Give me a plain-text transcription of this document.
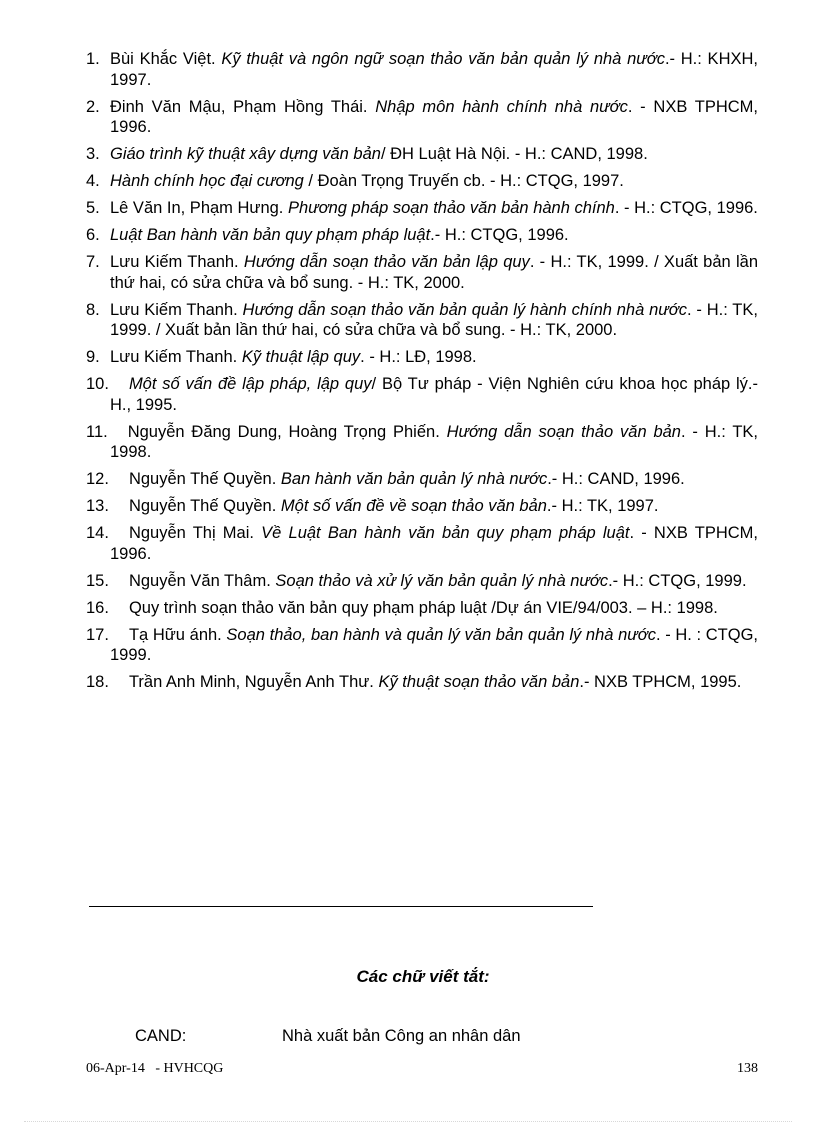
1. Bùi Khắc Việt. Kỹ thuật và ngôn ngữ soạn thảo văn bản quản lý nhà nước.- H.: KHXH, 1997.
2. Đinh Văn Mậu, Phạm Hồng Thái. Nhập môn hành chính nhà nước. - NXB TPHCM, 1996.
3. Giáo trình kỹ thuật xây dựng văn bản/ ĐH Luật Hà Nội. - H.: CAND, 1998.
4. Hành chính học đại cương / Đoàn Trọng Truyến cb. - H.: CTQG, 1997.
5. Lê Văn In, Phạm Hưng. Phương pháp soạn thảo văn bản hành chính. - H.: CTQG, 1996.
6. Luật Ban hành văn bản quy phạm pháp luật.- H.: CTQG, 1996.
7. Lưu Kiếm Thanh. Hướng dẫn soạn thảo văn bản lập quy. - H.: TK, 1999. / Xuất bản lần thứ hai, có sửa chữa và bổ sung. - H.: TK, 2000.
8. Lưu Kiếm Thanh. Hướng dẫn soạn thảo văn bản quản lý hành chính nhà nước. - H.: TK, 1999. / Xuất bản lần thứ hai, có sửa chữa và bổ sung. - H.: TK, 2000.
9. Lưu Kiếm Thanh. Kỹ thuật lập quy. - H.: LĐ, 1998.
10. Một số vấn đề lập pháp, lập quy/ Bộ Tư pháp - Viện Nghiên cứu khoa học pháp lý.- H., 1995.
11. Nguyễn Đăng Dung, Hoàng Trọng Phiến. Hướng dẫn soạn thảo văn bản. - H.: TK, 1998.
12. Nguyễn Thế Quyền. Ban hành văn bản quản lý nhà nước.- H.: CAND, 1996.
13. Nguyễn Thế Quyền. Một số vấn đề về soạn thảo văn bản.- H.: TK, 1997.
14. Nguyễn Thị Mai. Về Luật Ban hành văn bản quy phạm pháp luật. - NXB TPHCM, 1996.
15. Nguyễn Văn Thâm. Soạn thảo và xử lý văn bản quản lý nhà nước.- H.: CTQG, 1999.
16. Quy trình soạn thảo văn bản quy phạm pháp luật /Dự án VIE/94/003. – H.: 1998.
17. Tạ Hữu ánh. Soạn thảo, ban hành và quản lý văn bản quản lý nhà nước. - H. : CTQG, 1999.
18. Trần Anh Minh, Nguyễn Anh Thư. Kỹ thuật soạn thảo văn bản.- NXB TPHCM, 1995.
Các chữ viết tắt:
CAND:	Nhà xuất bản Công an nhân dân
06-Apr-14   - HVHCQG	138
